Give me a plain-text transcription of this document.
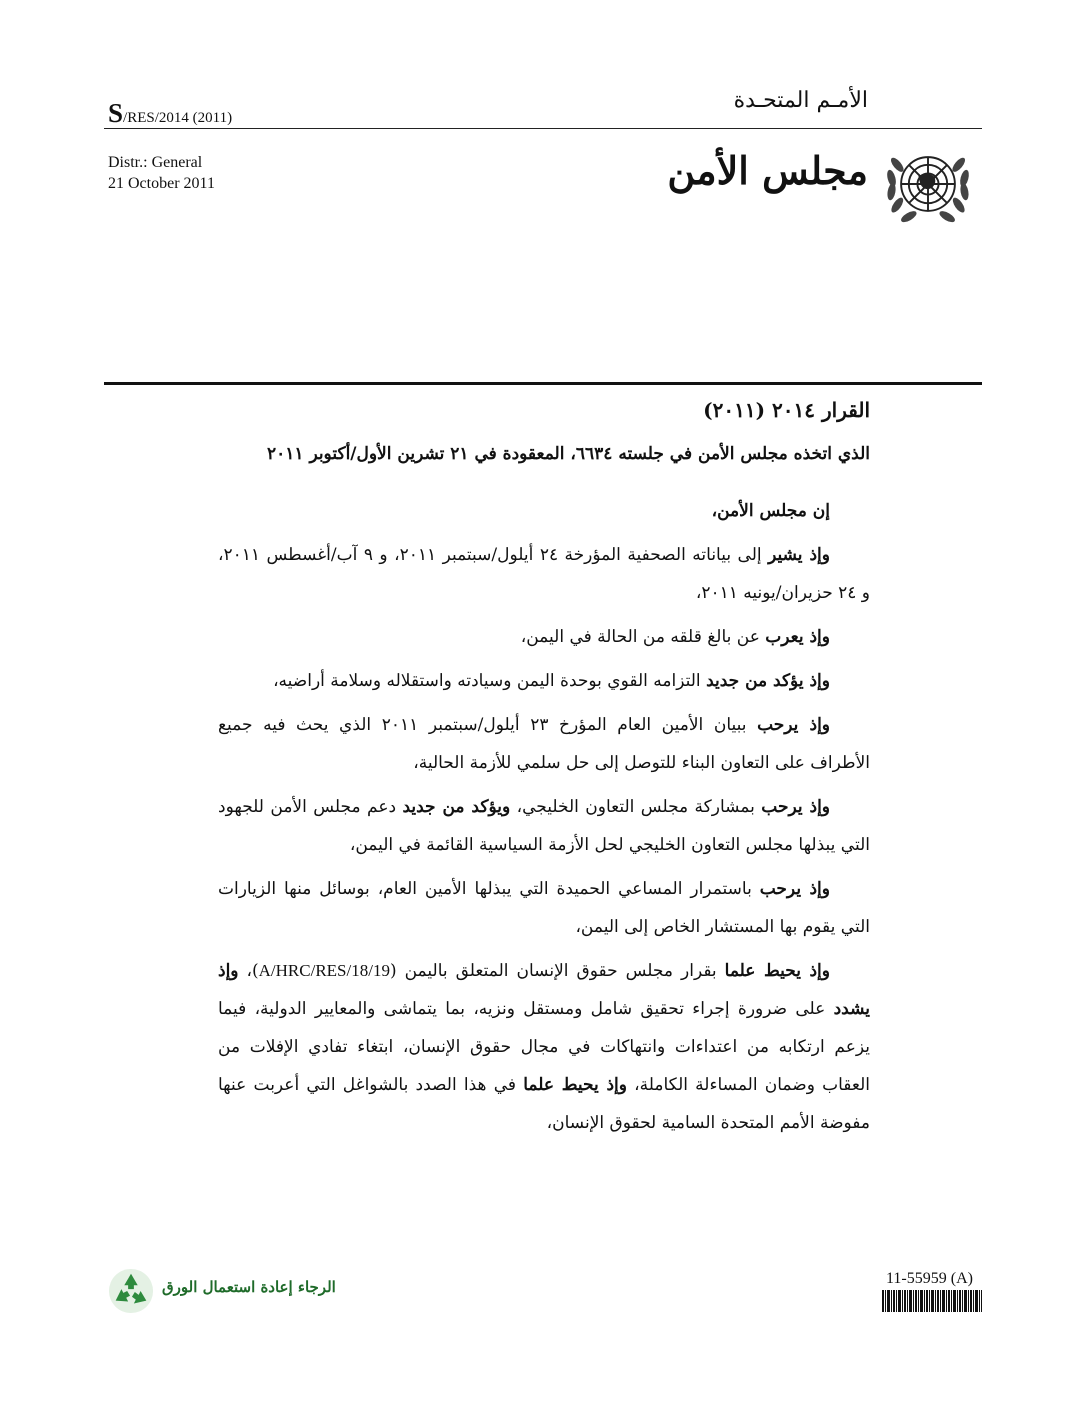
S/RES/2014 (2011)
الأمـم المتحـدة
Distr.: General
21 October 2011	مجلس الأمن
القرار ٢٠١٤ (٢٠١١)
الذي اتخذه مجلس الأمن في جلسته ٦٦٣٤، المعقودة في ٢١ تشرين الأول/أكتوبر ٢٠١١

إن مجلس الأمن،

وإذ يشير إلى بياناته الصحفية المؤرخة ٢٤ أيلول/سبتمبر ٢٠١١، و ٩ آب/أغسطس ٢٠١١، و ٢٤ حزيران/يونيه ٢٠١١،

وإذ يعرب عن بالغ قلقه من الحالة في اليمن،

وإذ يؤكد من جديد التزامه القوي بوحدة اليمن وسيادته واستقلاله وسلامة أراضيه،

وإذ يرحب ببيان الأمين العام المؤرخ ٢٣ أيلول/سبتمبر ٢٠١١ الذي يحث فيه جميع الأطراف على التعاون البناء للتوصل إلى حل سلمي للأزمة الحالية،

وإذ يرحب بمشاركة مجلس التعاون الخليجي، ويؤكد من جديد دعم مجلس الأمن للجهود التي يبذلها مجلس التعاون الخليجي لحل الأزمة السياسية القائمة في اليمن،

وإذ يرحب باستمرار المساعي الحميدة التي يبذلها الأمين العام، بوسائل منها الزيارات التي يقوم بها المستشار الخاص إلى اليمن،

وإذ يحيط علما بقرار مجلس حقوق الإنسان المتعلق باليمن (A/HRC/RES/18/19)، وإذ يشدد على ضرورة إجراء تحقيق شامل ومستقل ونزيه، بما يتماشى والمعايير الدولية، فيما يزعم ارتكابه من اعتداءات وانتهاكات في مجال حقوق الإنسان، ابتغاء تفادي الإفلات من العقاب وضمان المساءلة الكاملة، وإذ يحيط علما في هذا الصدد بالشواغل التي أعربت عنها مفوضة الأمم المتحدة السامية لحقوق الإنسان،

الرجاء إعادة استعمال الورق	11-55959 (A)
